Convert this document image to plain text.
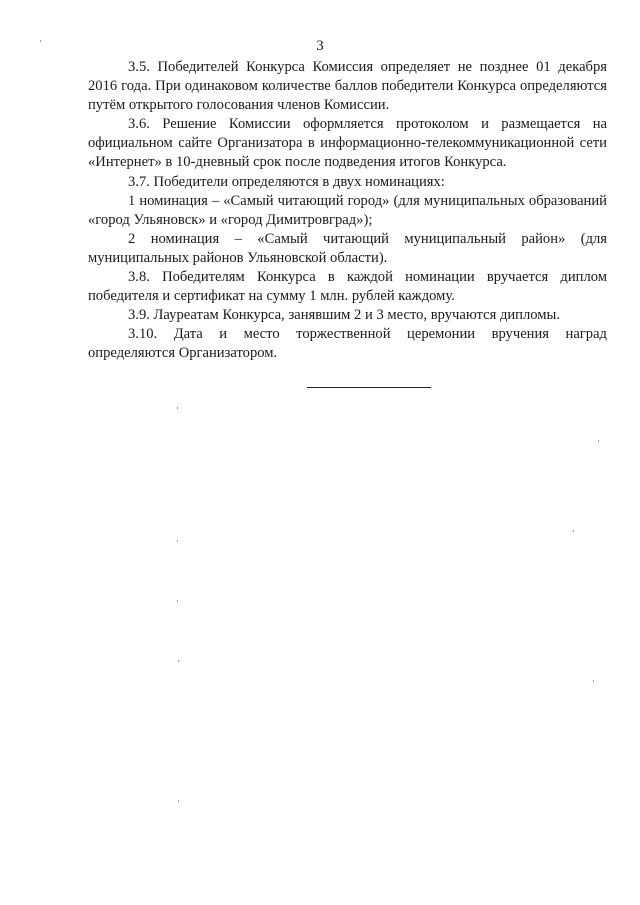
3

3.5. Победителей Конкурса Комиссия определяет не позднее 01 декабря 2016 года. При одинаковом количестве баллов победители Конкурса определяются путём открытого голосования членов Комиссии.

3.6. Решение Комиссии оформляется протоколом и размещается на официальном сайте Организатора в информационно-телекоммуникационной сети «Интернет» в 10-дневный срок после подведения итогов Конкурса.

3.7. Победители определяются в двух номинациях:

1 номинация – «Самый читающий город» (для муниципальных образований «город Ульяновск» и «город Димитровград»);

2 номинация – «Самый читающий муниципальный район» (для муниципальных районов Ульяновской области).

3.8. Победителям Конкурса в каждой номинации вручается диплом победителя и сертификат на сумму 1 млн. рублей каждому.

3.9. Лауреатам Конкурса, занявшим 2 и 3 место, вручаются дипломы.

3.10. Дата и место торжественной церемонии вручения наград определяются Организатором.
